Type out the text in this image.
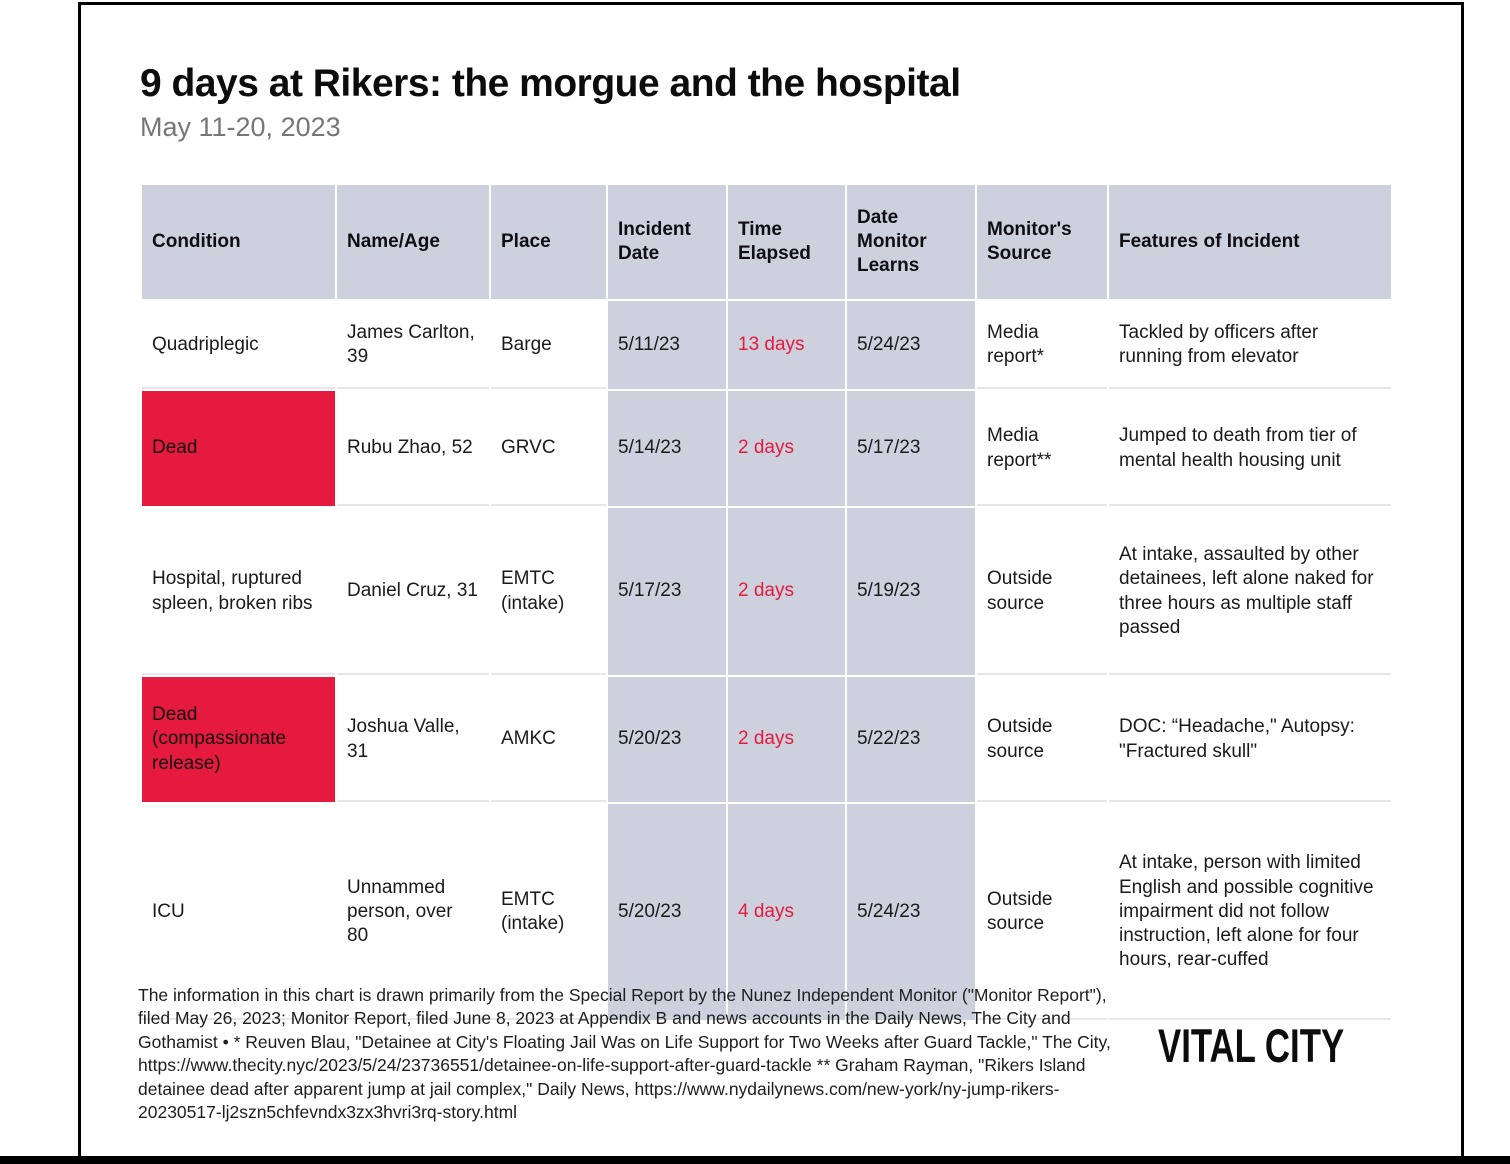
9 days at Rikers: the morgue and the hospital
May 11-20, 2023
Condition	Name/Age	Place	Incident Date	Time Elapsed	Date Monitor Learns	Monitor's Source	Features of Incident
Quadriplegic	James Carlton, 39	Barge	5/11/23	13 days	5/24/23	Media report*	Tackled by officers after running from elevator
Dead	Rubu Zhao, 52	GRVC	5/14/23	2 days	5/17/23	Media report**	Jumped to death from tier of mental health housing unit
Hospital, ruptured spleen, broken ribs	Daniel Cruz, 31	EMTC (intake)	5/17/23	2 days	5/19/23	Outside source	At intake, assaulted by other detainees, left alone naked for three hours as multiple staff passed
Dead (compassionate release)	Joshua Valle, 31	AMKC	5/20/23	2 days	5/22/23	Outside source	DOC: “Headache," Autopsy: "Fractured skull"
ICU	Unnammed person, over 80	EMTC (intake)	5/20/23	4 days	5/24/23	Outside source	At intake, person with limited English and possible cognitive impairment did not follow instruction, left alone for four hours, rear-cuffed
The information in this chart is drawn primarily from the Special Report by the Nunez Independent Monitor ("Monitor Report"), filed May 26, 2023; Monitor Report, filed June 8, 2023 at Appendix B and news accounts in the Daily News, The City and Gothamist • * Reuven Blau, "Detainee at City's Floating Jail Was on Life Support for Two Weeks after Guard Tackle," The City, https://www.thecity.nyc/2023/5/24/23736551/detainee-on-life-support-after-guard-tackle ** Graham Rayman, "Rikers Island detainee dead after apparent jump at jail complex," Daily News, https://www.nydailynews.com/new-york/ny-jump-rikers-20230517-lj2szn5chfevndx3zx3hvri3rq-story.html
VITAL CITY
